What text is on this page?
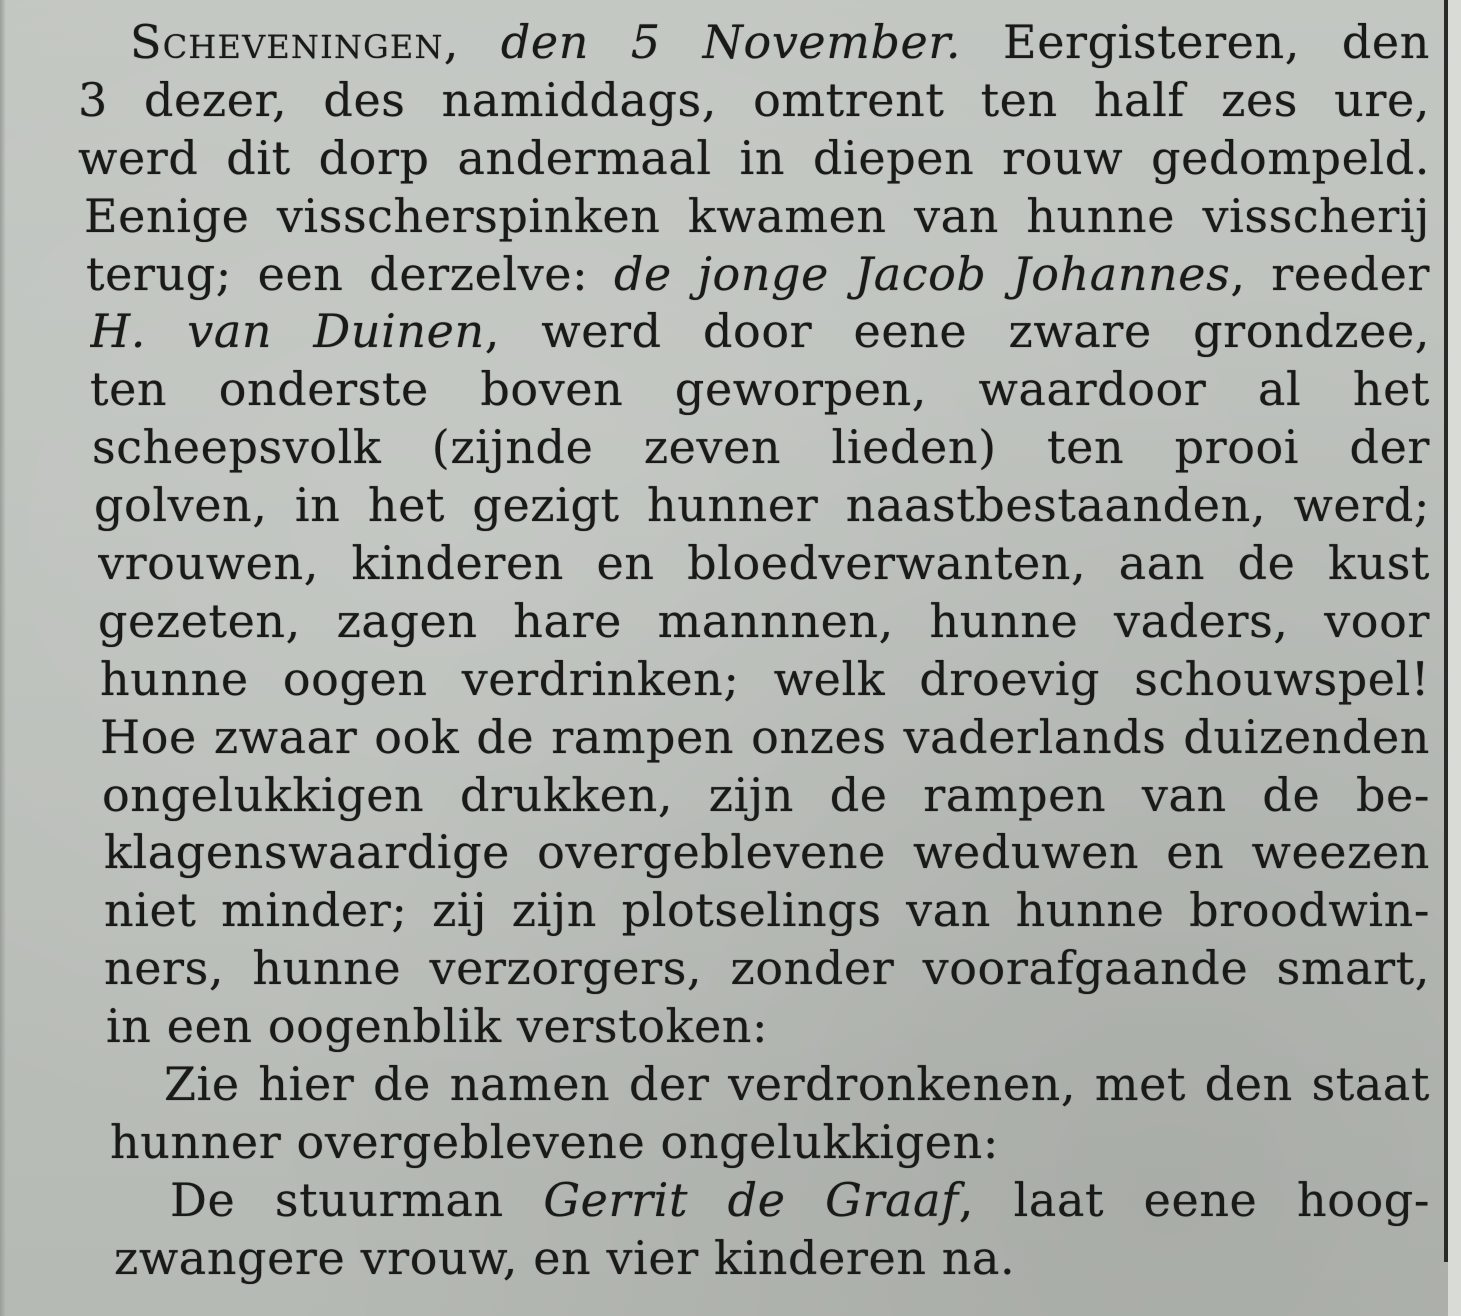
Scheveningen, den 5 November. Eergisteren, den
3 dezer, des namiddags, omtrent ten half zes ure,
werd dit dorp andermaal in diepen rouw gedompeld.
Eenige visscherspinken kwamen van hunne visscherij
terug; een derzelve: de jonge Jacob Johannes, reeder
H. van Duinen, werd door eene zware grondzee,
ten onderste boven geworpen, waardoor al het
scheepsvolk (zijnde zeven lieden) ten prooi der
golven, in het gezigt hunner naastbestaanden, werd;
vrouwen, kinderen en bloedverwanten, aan de kust
gezeten, zagen hare mannnen, hunne vaders, voor
hunne oogen verdrinken; welk droevig schouwspel!
Hoe zwaar ook de rampen onzes vaderlands duizenden
ongelukkigen drukken, zijn de rampen van de be-
klagenswaardige overgeblevene weduwen en weezen
niet minder; zij zijn plotselings van hunne broodwin-
ners, hunne verzorgers, zonder voorafgaande smart,
in een oogenblik verstoken:
Zie hier de namen der verdronkenen, met den staat
hunner overgeblevene ongelukkigen:
De stuurman Gerrit de Graaf, laat eene hoog-
zwangere vrouw, en vier kinderen na.
